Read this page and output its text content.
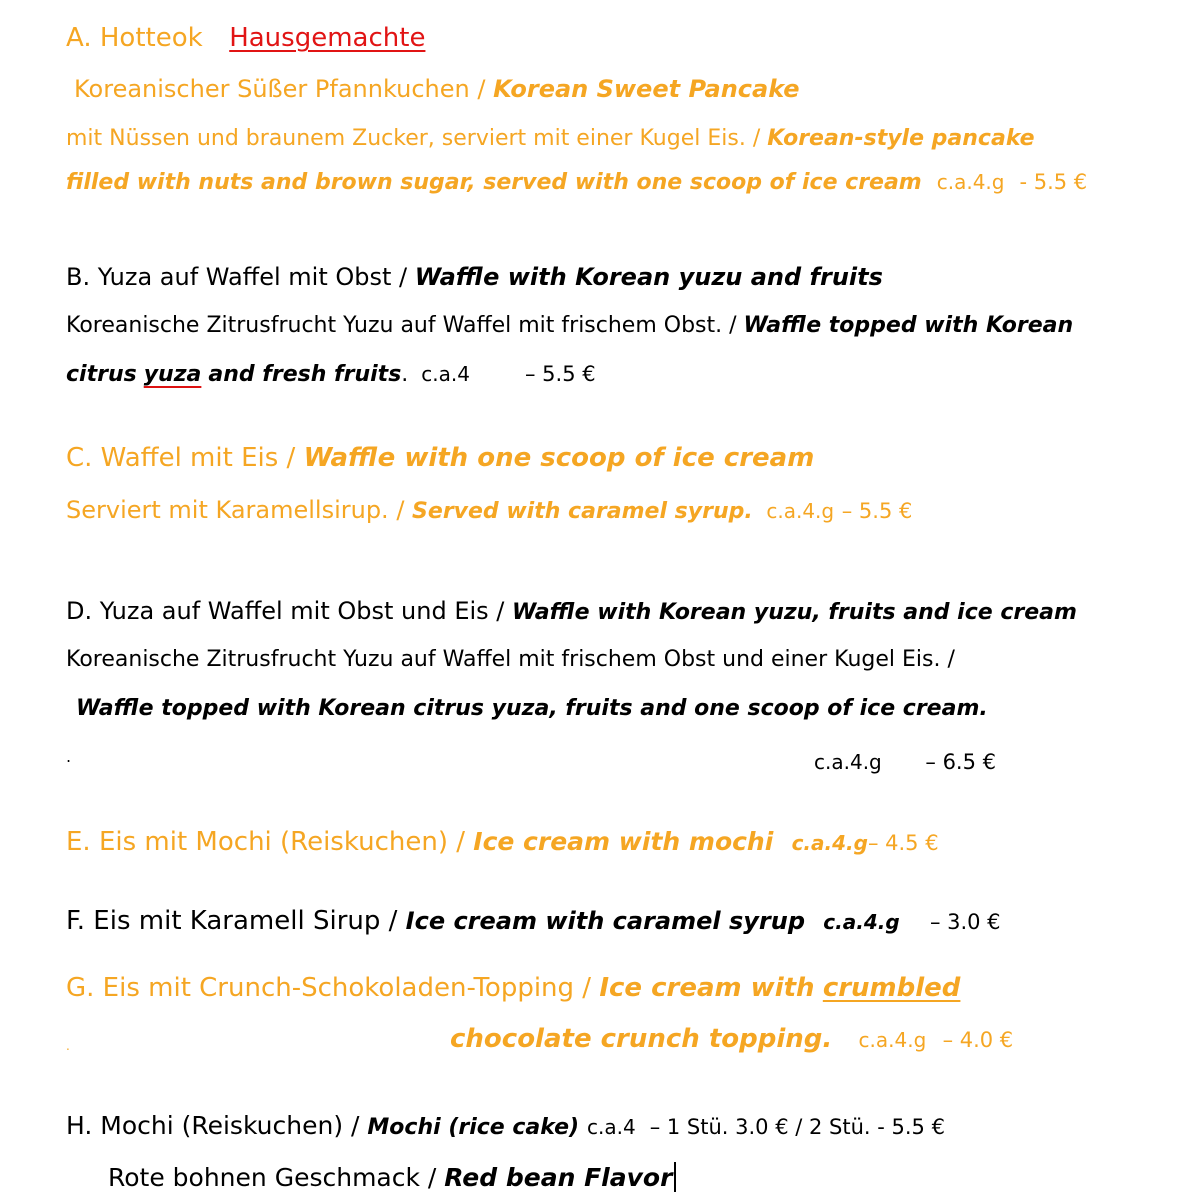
A. Hotteok Hausgemachte
Koreanischer Süßer Pfannkuchen / Korean Sweet Pancake
mit Nüssen und braunem Zucker, serviert mit einer Kugel Eis. / Korean-style pancake
filled with nuts and brown sugar, served with one scoop of ice cream c.a.4.g - 5.5 €
B. Yuza auf Waffel mit Obst / Waffle with Korean yuzu and fruits
Koreanische Zitrusfrucht Yuzu auf Waffel mit frischem Obst. / Waffle topped with Korean
citrus yuza and fresh fruits. c.a.4	– 5.5 €
C. Waffel mit Eis / Waffle with one scoop of ice cream
Serviert mit Karamellsirup. / Served with caramel syrup. c.a.4.g – 5.5 €
D. Yuza auf Waffel mit Obst und Eis / Waffle with Korean yuzu, fruits and ice cream
Koreanische Zitrusfrucht Yuzu auf Waffel mit frischem Obst und einer Kugel Eis. /
Waffle topped with Korean citrus yuza, fruits and one scoop of ice cream.
.	c.a.4.g – 6.5 €
E. Eis mit Mochi (Reiskuchen) / Ice cream with mochi c.a.4.g– 4.5 €
F. Eis mit Karamell Sirup / Ice cream with caramel syrup c.a.4.g – 3.0 €
G. Eis mit Crunch-Schokoladen-Topping / Ice cream with crumbled
.	chocolate crunch topping. c.a.4.g – 4.0 €
H. Mochi (Reiskuchen) / Mochi (rice cake) c.a.4 – 1 Stü. 3.0 € / 2 Stü. - 5.5 €
Rote bohnen Geschmack / Red bean Flavor
